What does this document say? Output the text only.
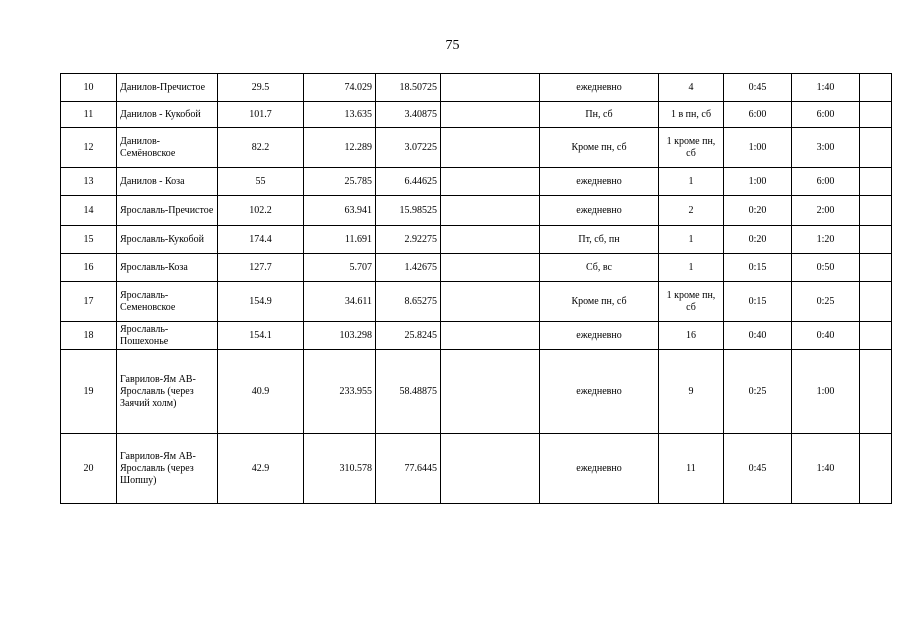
75
10	Данилов-Пречистое	29.5	74.029	18.50725		ежедневно	4	0:45	1:40	
11	Данилов - Кукобой	101.7	13.635	3.40875		Пн, сб	1 в пн, сб	6:00	6:00	
12	Данилов-Семёновское	82.2	12.289	3.07225		Кроме пн, сб	1 кроме пн, сб	1:00	3:00	
13	Данилов - Коза	55	25.785	6.44625		ежедневно	1	1:00	6:00	
14	Ярославль-Пречистое	102.2	63.941	15.98525		ежедневно	2	0:20	2:00	
15	Ярославль-Кукобой	174.4	11.691	2.92275		Пт, сб, пн	1	0:20	1:20	
16	Ярославль-Коза	127.7	5.707	1.42675		Сб, вс	1	0:15	0:50	
17	Ярославль-Семеновское	154.9	34.611	8.65275		Кроме пн, сб	1 кроме пн, сб	0:15	0:25	
18	Ярославль-Пошехонье	154.1	103.298	25.8245		ежедневно	16	0:40	0:40	
19	Гаврилов-Ям АВ-Ярославль (через Заячий холм)	40.9	233.955	58.48875		ежедневно	9	0:25	1:00	
20	Гаврилов-Ям АВ-Ярославль (через Шопшу)	42.9	310.578	77.6445		ежедневно	11	0:45	1:40	
